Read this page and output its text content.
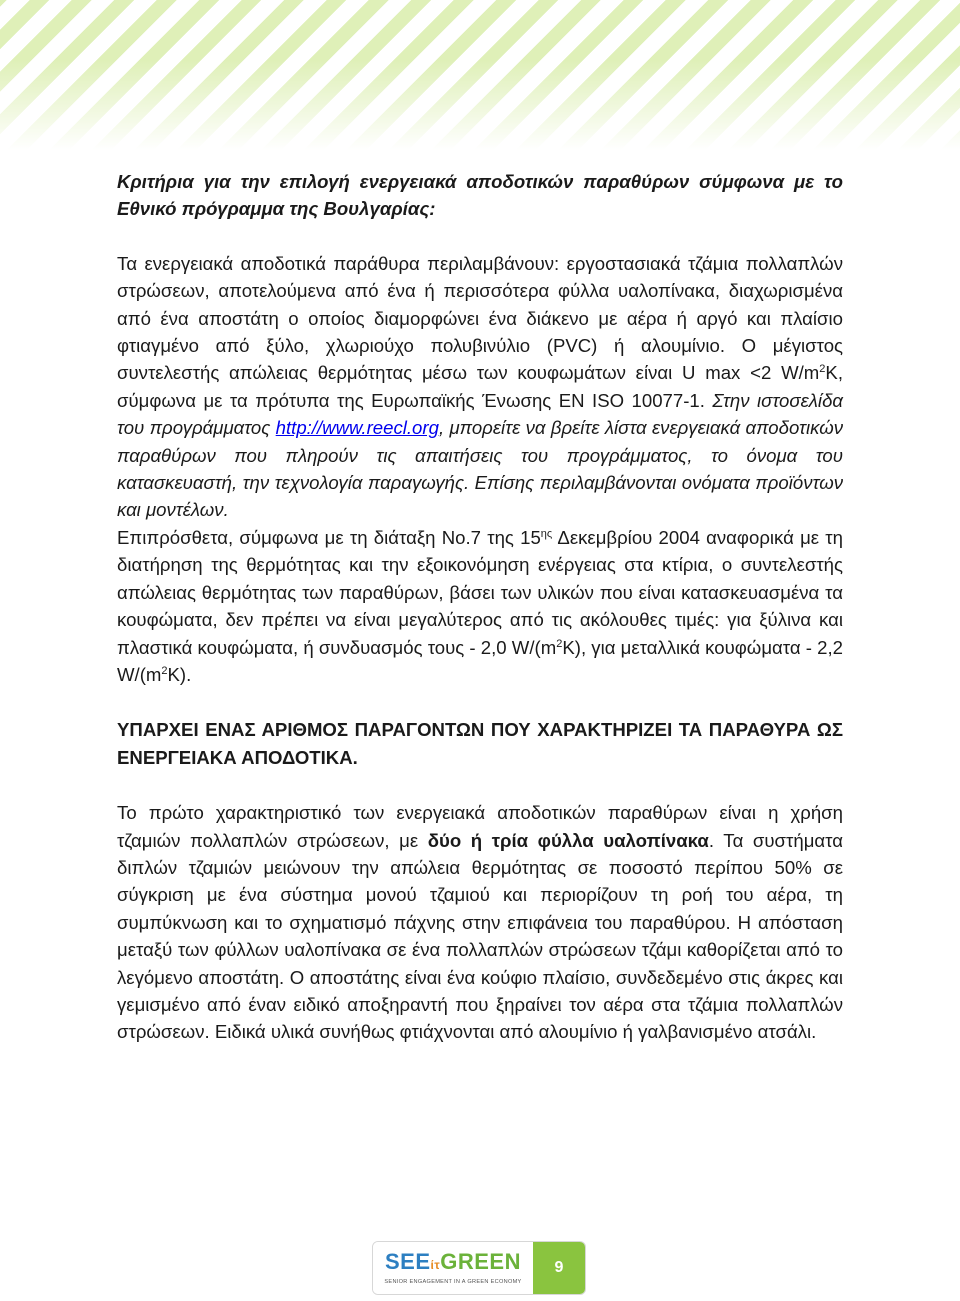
Κριτήρια για την επιλογή ενεργειακά αποδοτικών παραθύρων σύμφωνα με το Εθνικό πρόγραμμα της Βουλγαρίας:

Τα ενεργειακά αποδοτικά παράθυρα περιλαμβάνουν: εργοστασιακά τζάμια πολλαπλών στρώσεων, αποτελούμενα από ένα ή περισσότερα φύλλα υαλοπίνακα, διαχωρισμένα από ένα αποστάτη ο οποίος διαμορφώνει ένα διάκενο με αέρα ή αργό και πλαίσιο φτιαγμένο από ξύλο, χλωριούχο πολυβινύλιο (PVC) ή αλουμίνιο. Ο μέγιστος συντελεστής απώλειας θερμότητας μέσω των κουφωμάτων είναι U max <2 $W/m^2K$, σύμφωνα με τα πρότυπα της Ευρωπαϊκής Ένωσης EN ISO 10077-1. Στην ιστοσελίδα του προγράμματος http://www.reecl.org, μπορείτε να βρείτε λίστα ενεργειακά αποδοτικών παραθύρων που πληρούν τις απαιτήσεις του προγράμματος, το όνομα του κατασκευαστή, την τεχνολογία παραγωγής. Επίσης περιλαμβάνονται ονόματα προϊόντων και μοντέλων.

Επιπρόσθετα, σύμφωνα με τη διάταξη No.7 της $15^{\eta\varsigma}$ Δεκεμβρίου 2004 αναφορικά με τη διατήρηση της θερμότητας και την εξοικονόμηση ενέργειας στα κτίρια, ο συντελεστής απώλειας θερμότητας των παραθύρων, βάσει των υλικών που είναι κατασκευασμένα τα κουφώματα, δεν πρέπει να είναι μεγαλύτερος από τις ακόλουθες τιμές: για ξύλινα και πλαστικά κουφώματα, ή συνδυασμός τους - 2,0 $W/(m^2K)$, για μεταλλικά κουφώματα - 2,2 $W/(m^2K)$.

ΥΠΑΡΧΕΙ ΕΝΑΣ ΑΡΙΘΜΟΣ ΠΑΡΑΓΟΝΤΩΝ ΠΟΥ ΧΑΡΑΚΤΗΡΙΖΕΙ ΤΑ ΠΑΡΑΘΥΡΑ ΩΣ ΕΝΕΡΓΕΙΑΚΑ ΑΠΟΔΟΤΙΚΑ.

Το πρώτο χαρακτηριστικό των ενεργειακά αποδοτικών παραθύρων είναι η χρήση τζαμιών πολλαπλών στρώσεων, με δύο ή τρία φύλλα υαλοπίνακα. Τα συστήματα διπλών τζαμιών μειώνουν την απώλεια θερμότητας σε ποσοστό περίπου 50% σε σύγκριση με ένα σύστημα μονού τζαμιού και περιορίζουν τη ροή του αέρα, τη συμπύκνωση και το σχηματισμό πάχνης στην επιφάνεια του παραθύρου. Η απόσταση μεταξύ των φύλλων υαλοπίνακα σε ένα πολλαπλών στρώσεων τζάμι καθορίζεται από το λεγόμενο αποστάτη. Ο αποστάτης είναι ένα κούφιο πλαίσιο, συνδεδεμένο στις άκρες και γεμισμένο από έναν ειδικό αποξηραντή που ξηραίνει τον αέρα στα τζάμια πολλαπλών στρώσεων. Ειδικά υλικά συνήθως φτιάχνονται από αλουμίνιο ή γαλβανισμένο ατσάλι.

SEEίτGREEN
SENIOR ENGAGEMENT IN A GREEN ECONOMY
9
